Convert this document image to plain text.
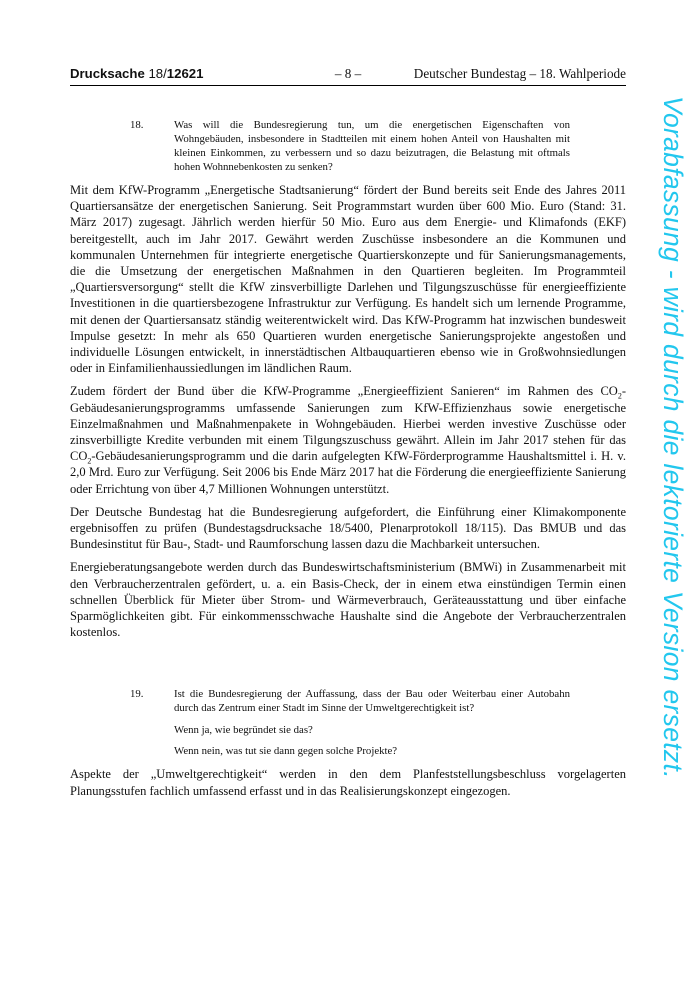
Drucksache 18/12621	– 8 –	Deutscher Bundestag – 18. Wahlperiode
18.	Was will die Bundesregierung tun, um die energetischen Eigenschaften von Wohngebäuden, insbesondere in Stadtteilen mit einem hohen Anteil von Haushalten mit kleinen Einkommen, zu verbessern und so dazu beizutragen, die Belastung mit oftmals hohen Wohnnebenkosten zu senken?

Mit dem KfW-Programm „Energetische Stadtsanierung“ fördert der Bund bereits seit Ende des Jahres 2011 Quartiersansätze der energetischen Sanierung. Seit Programmstart wurden über 600 Mio. Euro (Stand: 31. März 2017) zugesagt. Jährlich werden hierfür 50 Mio. Euro aus dem Energie- und Klimafonds (EKF) bereitgestellt, auch im Jahr 2017. Gewährt werden Zuschüsse insbesondere an die Kommunen und kommunalen Unternehmen für integrierte energetische Quartierskonzepte und für Sanierungsmanagements, die die Umsetzung der energetischen Maßnahmen in den Quartieren begleiten. Im Programmteil „Quartiersversorgung“ stellt die KfW zinsverbilligte Darlehen und Tilgungszuschüsse für energieeffiziente Investitionen in die quartiersbezogene Infrastruktur zur Verfügung. Es handelt sich um lernende Programme, mit denen der Quartiersansatz ständig weiterentwickelt wird. Das KfW-Programm hat inzwischen bundesweit Impulse gesetzt: In mehr als 650 Quartieren wurden energetische Sanierungsprojekte angestoßen und individuelle Lösungen entwickelt, in innerstädtischen Altbauquartieren ebenso wie in Großwohnsiedlungen oder in Einfamilienhaussiedlungen im ländlichen Raum.

Zudem fördert der Bund über die KfW-Programme „Energieeffizient Sanieren“ im Rahmen des $CO_2$-Gebäudesanierungsprogramms umfassende Sanierungen zum KfW-Effizienzhaus sowie energetische Einzelmaßnahmen und Maßnahmenpakete in Wohngebäuden. Hierbei werden investive Zuschüsse oder zinsverbilligte Kredite verbunden mit einem Tilgungszuschuss gewährt. Allein im Jahr 2017 stehen für das $CO_2$-Gebäudesanierungsprogramm und die darin aufgelegten KfW-Förderprogramme Haushaltsmittel i. H. v. 2,0 Mrd. Euro zur Verfügung. Seit 2006 bis Ende März 2017 hat die Förderung die energieeffiziente Sanierung oder Errichtung von über 4,7 Millionen Wohnungen unterstützt.

Der Deutsche Bundestag hat die Bundesregierung aufgefordert, die Einführung einer Klimakomponente ergebnisoffen zu prüfen (Bundestagsdrucksache 18/5400, Plenarprotokoll 18/115). Das BMUB und das Bundesinstitut für Bau-, Stadt- und Raumforschung lassen dazu die Machbarkeit untersuchen.

Energieberatungsangebote werden durch das Bundeswirtschaftsministerium (BMWi) in Zusammenarbeit mit den Verbraucherzentralen gefördert, u. a. ein Basis-Check, der in einem etwa einstündigen Termin einen schnellen Überblick für Mieter über Strom- und Wärmeverbrauch, Geräteausstattung und über einfache Sparmöglichkeiten gibt. Für einkommensschwache Haushalte sind die Angebote der Verbraucherzentralen kostenlos.

19.	Ist die Bundesregierung der Auffassung, dass der Bau oder Weiterbau einer Autobahn durch das Zentrum einer Stadt im Sinne der Umweltgerechtigkeit ist?

Wenn ja, wie begründet sie das?
Wenn nein, was tut sie dann gegen solche Projekte?

Aspekte der „Umweltgerechtigkeit“ werden in den dem Planfeststellungsbeschluss vorgelagerten Planungsstufen fachlich umfassend erfasst und in das Realisierungskonzept eingezogen.

Vorabfassung - wird durch die lektorierte Version ersetzt.
